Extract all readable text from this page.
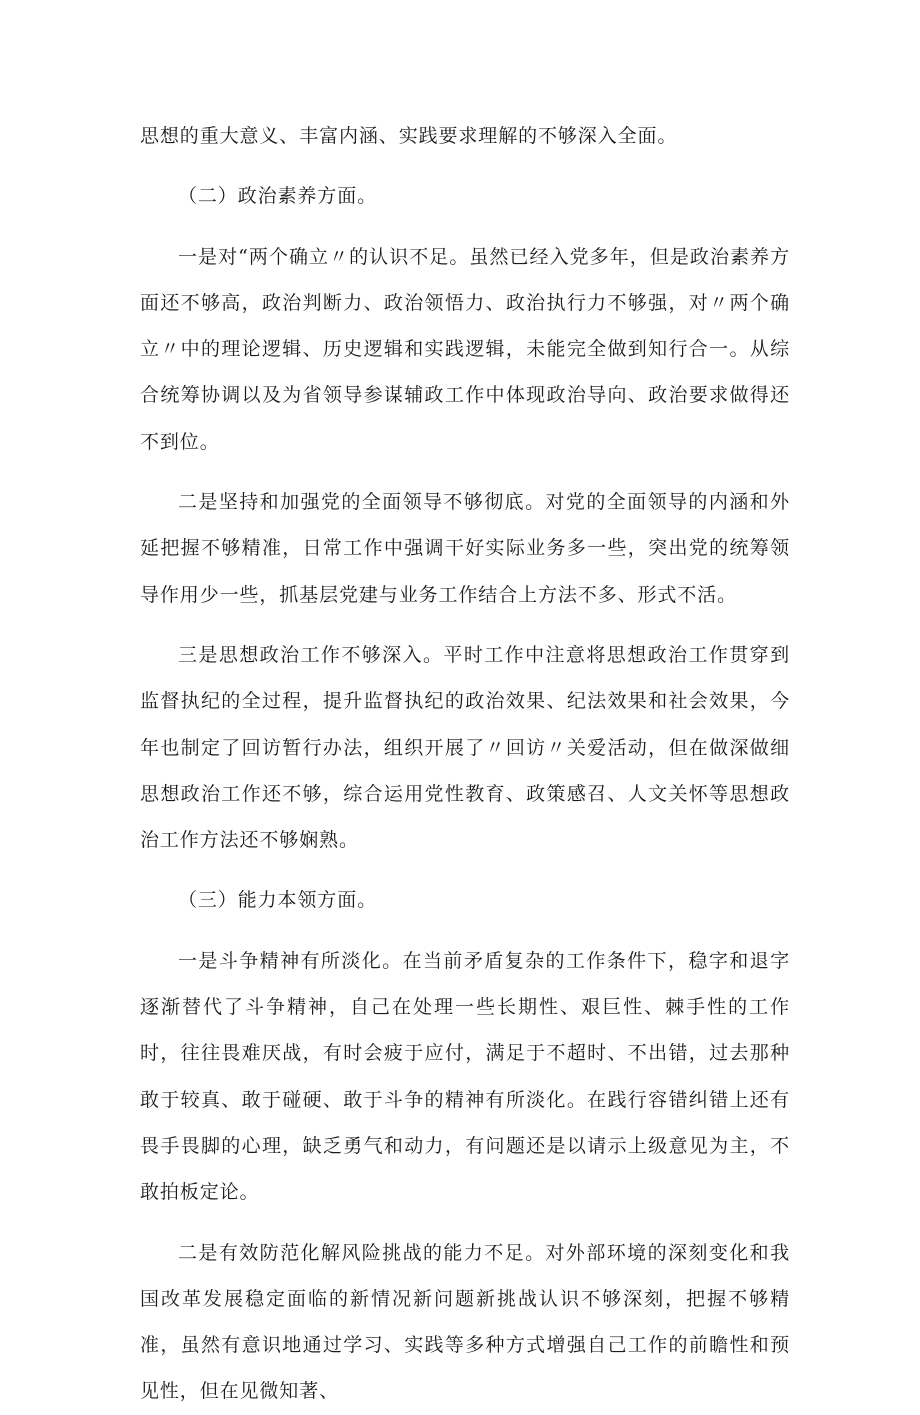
思想的重大意义、丰富内涵、实践要求理解的不够深入全面。

（二）政治素养方面。

一是对“两个确立〃的认识不足。虽然已经入党多年，但是政治素养方面还不够高，政治判断力、政治领悟力、政治执行力不够强，对〃两个确立〃中的理论逻辑、历史逻辑和实践逻辑，未能完全做到知行合一。从综合统筹协调以及为省领导参谋辅政工作中体现政治导向、政治要求做得还不到位。

二是坚持和加强党的全面领导不够彻底。对党的全面领导的内涵和外延把握不够精准，日常工作中强调干好实际业务多一些，突出党的统筹领导作用少一些，抓基层党建与业务工作结合上方法不多、形式不活。

三是思想政治工作不够深入。平时工作中注意将思想政治工作贯穿到监督执纪的全过程，提升监督执纪的政治效果、纪法效果和社会效果，今年也制定了回访暂行办法，组织开展了〃回访〃关爱活动，但在做深做细思想政治工作还不够，综合运用党性教育、政策感召、人文关怀等思想政治工作方法还不够娴熟。

（三）能力本领方面。

一是斗争精神有所淡化。在当前矛盾复杂的工作条件下，稳字和退字逐渐替代了斗争精神，自己在处理一些长期性、艰巨性、棘手性的工作时，往往畏难厌战，有时会疲于应付，满足于不超时、不出错，过去那种敢于较真、敢于碰硬、敢于斗争的精神有所淡化。在践行容错纠错上还有畏手畏脚的心理，缺乏勇气和动力，有问题还是以请示上级意见为主，不敢拍板定论。

二是有效防范化解风险挑战的能力不足。对外部环境的深刻变化和我国改革发展稳定面临的新情况新问题新挑战认识不够深刻，把握不够精准，虽然有意识地通过学习、实践等多种方式增强自己工作的前瞻性和预见性，但在见微知著、
